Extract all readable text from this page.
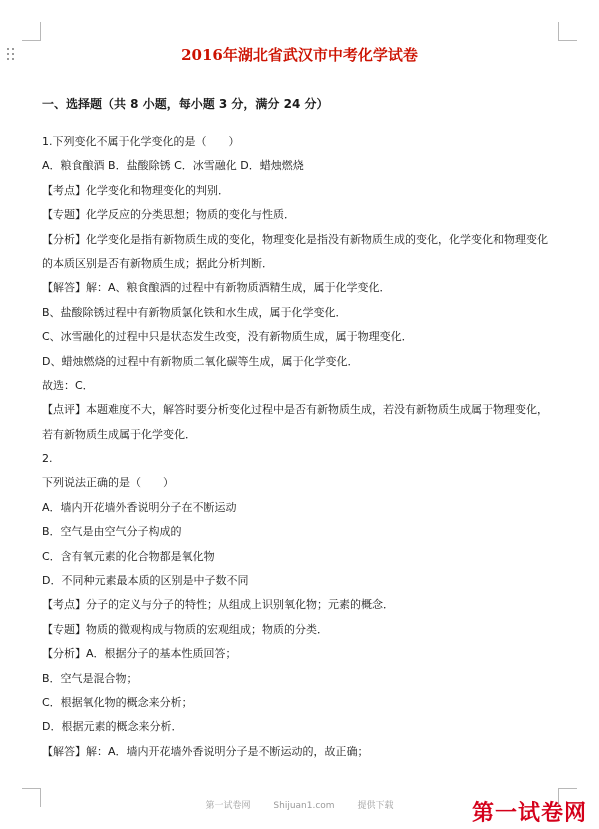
2016年湖北省武汉市中考化学试卷
一、选择题（共 8 小题，每小题 3 分，满分 24 分）
1.下列变化不属于化学变化的是（　　）
A．粮食酿酒 B．盐酸除锈 C．冰雪融化 D．蜡烛燃烧
【考点】化学变化和物理变化的判别．
【专题】化学反应的分类思想；物质的变化与性质．
【分析】化学变化是指有新物质生成的变化，物理变化是指没有新物质生成的变化，化学变化和物理变化
的本质区别是否有新物质生成；据此分析判断．
【解答】解：A、粮食酿酒的过程中有新物质酒精生成，属于化学变化．
B、盐酸除锈过程中有新物质氯化铁和水生成，属于化学变化．
C、冰雪融化的过程中只是状态发生改变，没有新物质生成，属于物理变化．
D、蜡烛燃烧的过程中有新物质二氧化碳等生成，属于化学变化．
故选：C．
【点评】本题难度不大，解答时要分析变化过程中是否有新物质生成，若没有新物质生成属于物理变化，
若有新物质生成属于化学变化．
2.
下列说法正确的是（　　）
A．墙内开花墙外香说明分子在不断运动
B．空气是由空气分子构成的
C．含有氧元素的化合物都是氧化物
D．不同种元素最本质的区别是中子数不同
【考点】分子的定义与分子的特性；从组成上识别氧化物；元素的概念．
【专题】物质的微观构成与物质的宏观组成；物质的分类．
【分析】A．根据分子的基本性质回答；
B．空气是混合物；
C．根据氧化物的概念来分析；
D．根据元素的概念来分析．
【解答】解：A．墙内开花墙外香说明分子是不断运动的，故正确；
第一试卷网	Shijuan1.com	提供下载	第一试卷网
